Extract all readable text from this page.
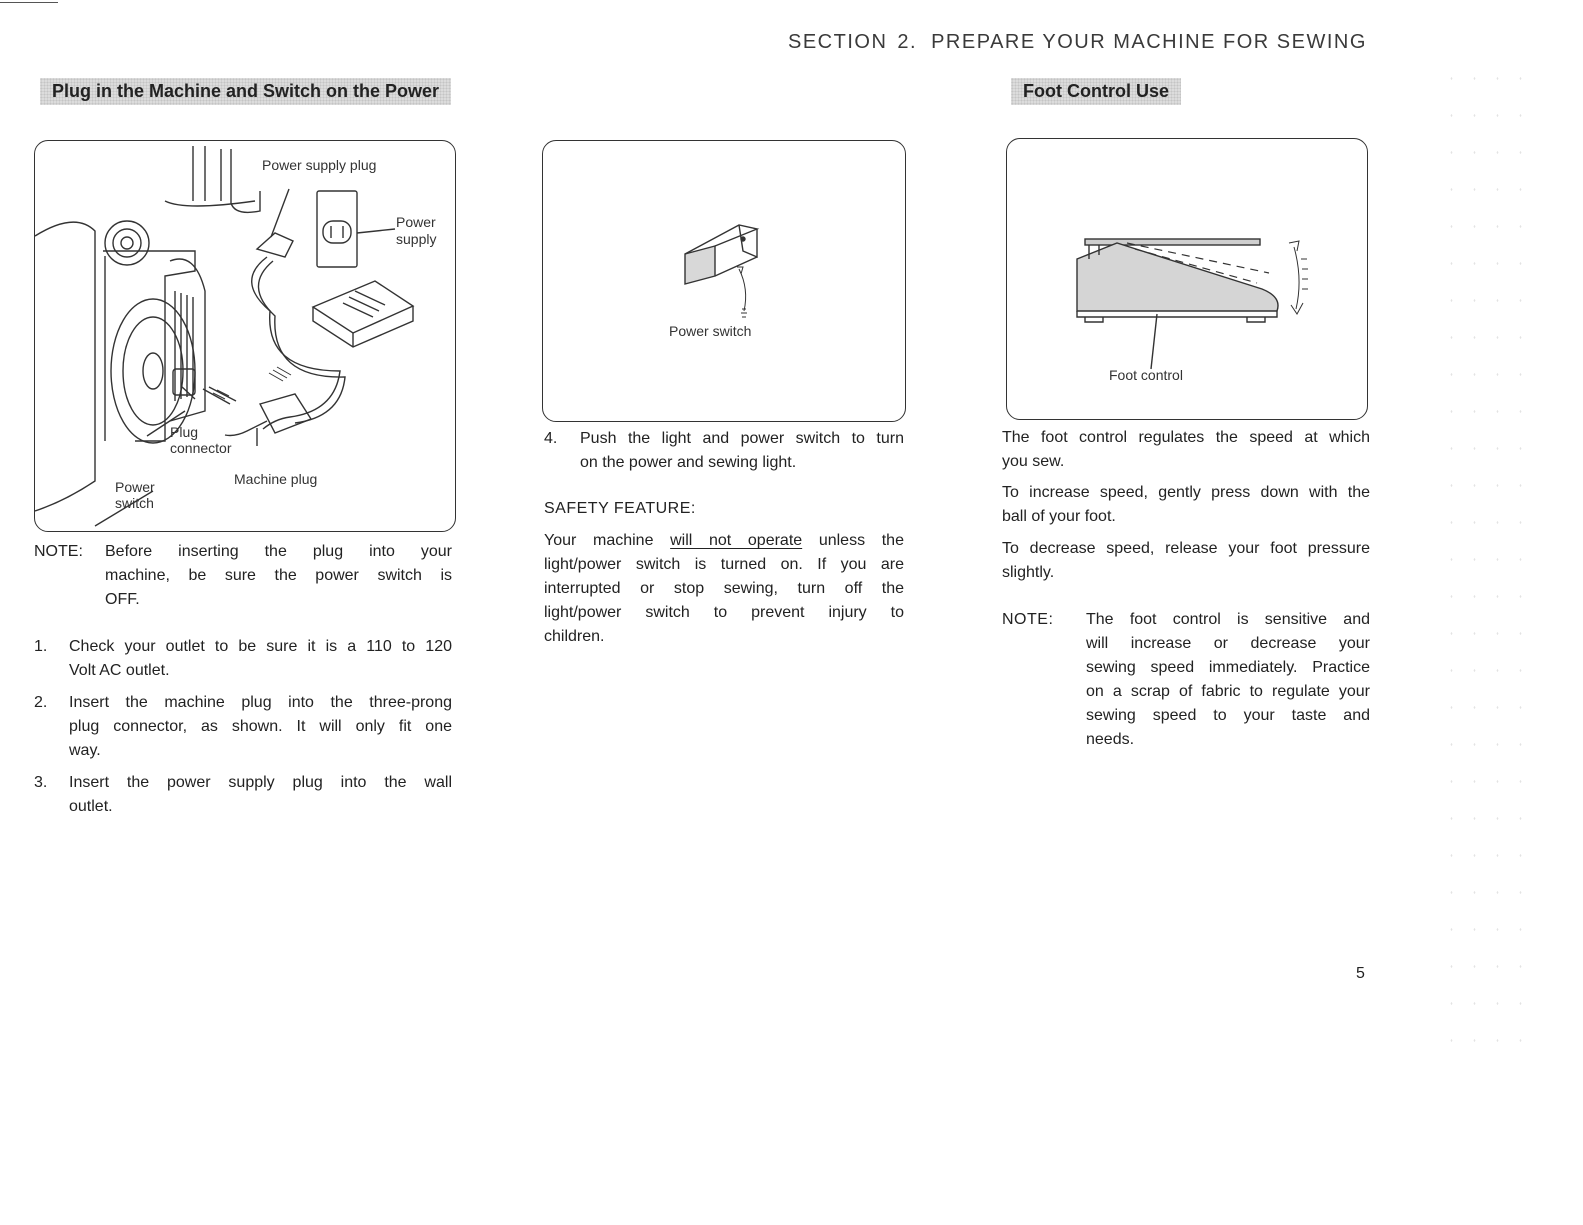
SECTION 2. PREPARE YOUR MACHINE FOR SEWING
Plug in the Machine and Switch on the Power
Power supply plug
Power
supply
Plug
connector
Machine plug
Power
switch
NOTE: Before inserting the plug into your
machine, be sure the power switch is
OFF.
1. Check your outlet to be sure it is a 110 to 120
Volt AC outlet.
2. Insert the machine plug into the three-prong
plug connector, as shown. It will only fit one
way.
3. Insert the power supply plug into the wall
outlet.
Power switch
4. Push the light and power switch to turn
on the power and sewing light.
SAFETY FEATURE:
Your machine will not operate unless the
light/power switch is turned on. If you are
interrupted or stop sewing, turn off the
light/power switch to prevent injury to
children.
Foot Control Use
Foot control
The foot control regulates the speed at which
you sew.
To increase speed, gently press down with the
ball of your foot.
To decrease speed, release your foot pressure
slightly.
NOTE: The foot control is sensitive and
will increase or decrease your
sewing speed immediately. Practice
on a scrap of fabric to regulate your
sewing speed to your taste and
needs.
5
